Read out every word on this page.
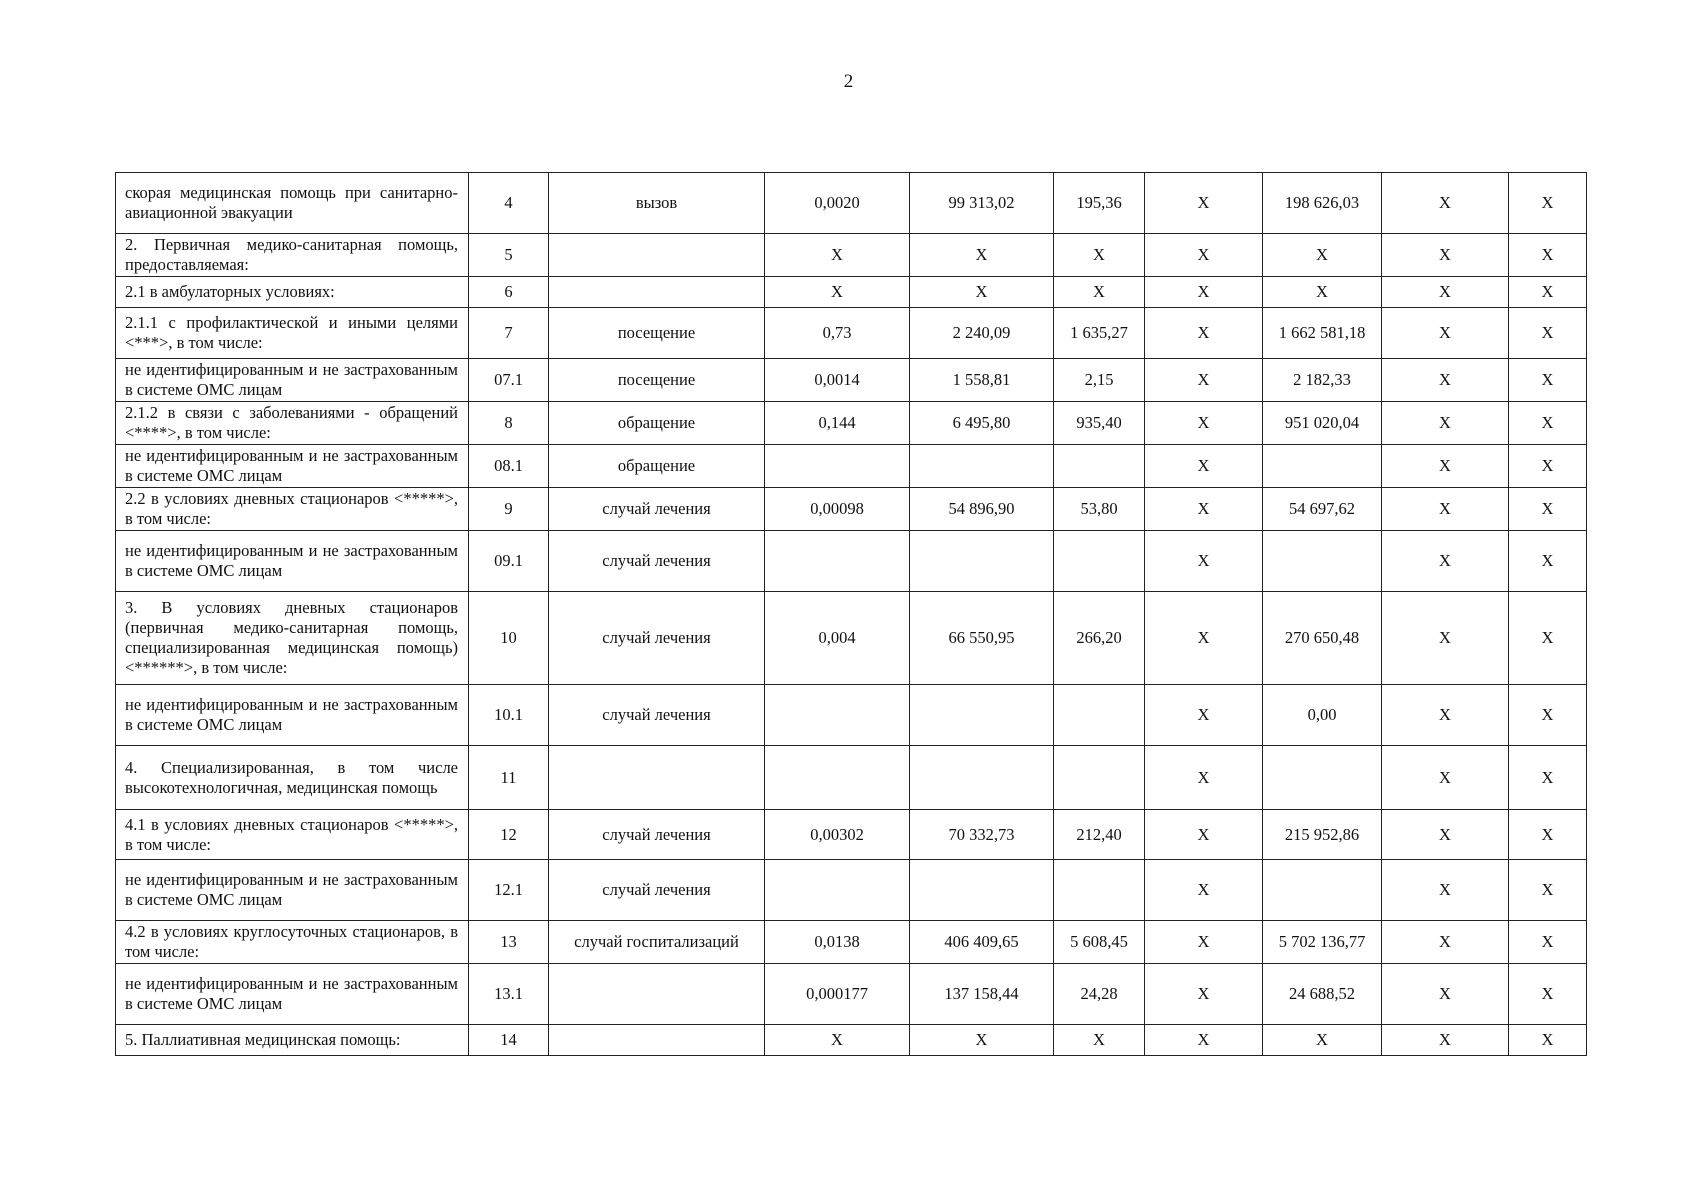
2
скорая медицинская помощь при санитарно-авиационной эвакуации	4	вызов	0,0020	99 313,02	195,36	X	198 626,03	X	X
2. Первичная медико-санитарная помощь, предоставляемая:	5		X	X	X	X	X	X	X
2.1 в амбулаторных условиях:	6		X	X	X	X	X	X	X
2.1.1 с профилактической и иными целями <***>, в том числе:	7	посещение	0,73	2 240,09	1 635,27	X	1 662 581,18	X	X
не идентифицированным и не застрахованным в системе ОМС лицам	07.1	посещение	0,0014	1 558,81	2,15	X	2 182,33	X	X
2.1.2 в связи с заболеваниями - обращений <****>, в том числе:	8	обращение	0,144	6 495,80	935,40	X	951 020,04	X	X
не идентифицированным и не застрахованным в системе ОМС лицам	08.1	обращение				X		X	X
2.2 в условиях дневных стационаров <*****>, в том числе:	9	случай лечения	0,00098	54 896,90	53,80	X	54 697,62	X	X
не идентифицированным и не застрахованным в системе ОМС лицам	09.1	случай лечения				X		X	X
3. В условиях дневных стационаров (первичная медико-санитарная помощь, специализированная медицинская помощь) <******>, в том числе:	10	случай лечения	0,004	66 550,95	266,20	X	270 650,48	X	X
не идентифицированным и не застрахованным в системе ОМС лицам	10.1	случай лечения				X	0,00	X	X
4. Специализированная, в том числе высокотехнологичная, медицинская помощь	11					X		X	X
4.1 в условиях дневных стационаров <*****>, в том числе:	12	случай лечения	0,00302	70 332,73	212,40	X	215 952,86	X	X
не идентифицированным и не застрахованным в системе ОМС лицам	12.1	случай лечения				X		X	X
4.2 в условиях круглосуточных стационаров, в том числе:	13	случай госпитализаций	0,0138	406 409,65	5 608,45	X	5 702 136,77	X	X
не идентифицированным и не застрахованным в системе ОМС лицам	13.1		0,000177	137 158,44	24,28	X	24 688,52	X	X
5. Паллиативная медицинская помощь:	14		X	X	X	X	X	X	X
